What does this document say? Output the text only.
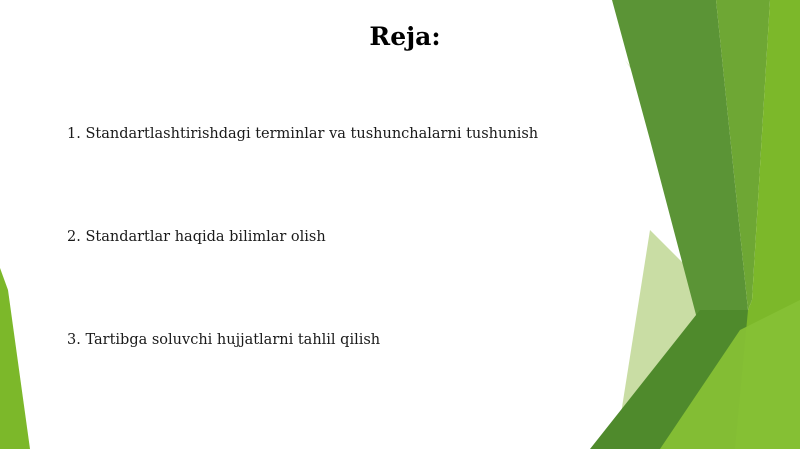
Reja:
1. Standartlashtirishdagi terminlar va tushunchalarni tushunish
2. Standartlar haqida bilimlar olish
3. Tartibga soluvchi hujjatlarni tahlil qilish
